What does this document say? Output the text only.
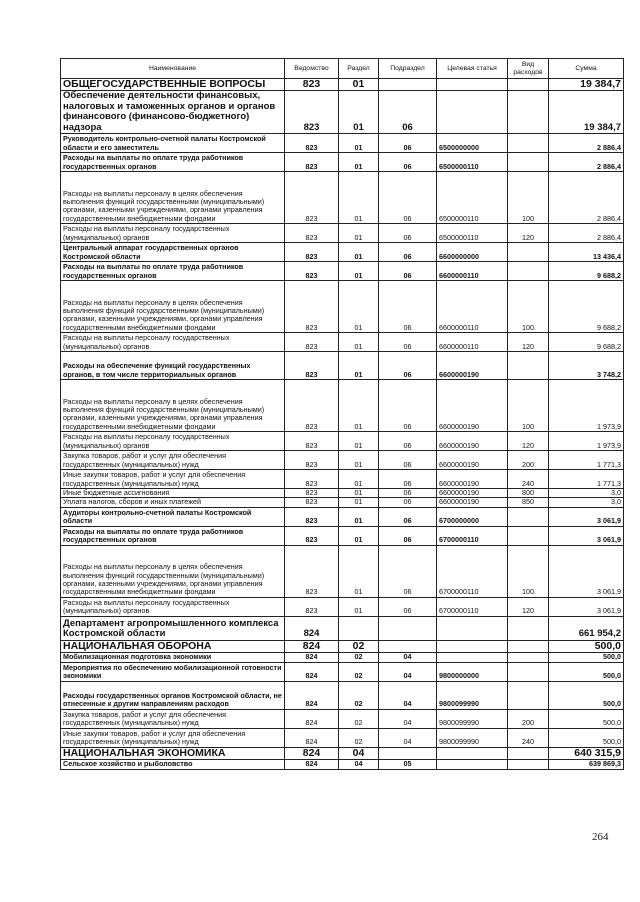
Наименование	Ведомство	Раздел	Подраздел	Целевая статья	Вид расходов	Сумма
ОБЩЕГОСУДАРСТВЕННЫЕ ВОПРОСЫ	823	01				19 384,7
Обеспечение деятельности финансовых, налоговых и таможенных органов и органов финансового (финансово-бюджетного) надзора	823	01	06			19 384,7
Руководитель контрольно-счетной палаты Костромской области и его заместитель	823	01	06	6500000000		2 886,4
Расходы на выплаты по оплате труда работников государственных органов	823	01	06	6500000110		2 886,4
Расходы на выплаты персоналу в целях обеспечения выполнения функций государственными (муниципальными) органами, казенными учреждениями, органами управления государственными внебюджетными фондами	823	01	06	6500000110	100	2 886,4
Расходы на выплаты персоналу государственных (муниципальных) органов	823	01	06	6500000110	120	2 886,4
Центральный аппарат государственных органов Костромской области	823	01	06	6600000000		13 436,4
Расходы на выплаты по оплате труда работников государственных органов	823	01	06	6600000110		9 688,2
Расходы на выплаты персоналу в целях обеспечения выполнения функций государственными (муниципальными) органами, казенными учреждениями, органами управления государственными внебюджетными фондами	823	01	06	6600000110	100	9 688,2
Расходы на выплаты персоналу государственных (муниципальных) органов	823	01	06	6600000110	120	9 688,2
Расходы на обеспечение функций государственных органов, в том числе территориальных органов	823	01	06	6600000190		3 748,2
Расходы на выплаты персоналу в целях обеспечения выполнения функций государственными (муниципальными) органами, казенными учреждениями, органами управления государственными внебюджетными фондами	823	01	06	6600000190	100	1 973,9
Расходы на выплаты персоналу государственных (муниципальных) органов	823	01	06	6600000190	120	1 973,9
Закупка товаров, работ и услуг для обеспечения государственных (муниципальных) нужд	823	01	06	6600000190	200	1 771,3
Иные закупки товаров, работ и услуг для обеспечения государственных (муниципальных) нужд	823	01	06	6600000190	240	1 771,3
Иные бюджетные ассигнования	823	01	06	6600000190	800	3,0
Уплата налогов, сборов и иных платежей	823	01	06	6600000190	850	3,0
Аудиторы контрольно-счетной палаты Костромской области	823	01	06	6700000000		3 061,9
Расходы на выплаты по оплате труда работников государственных органов	823	01	06	6700000110		3 061,9
Расходы на выплаты персоналу в целях обеспечения выполнения функций государственными (муниципальными) органами, казенными учреждениями, органами управления государственными внебюджетными фондами	823	01	06	6700000110	100	3 061,9
Расходы на выплаты персоналу государственных (муниципальных) органов	823	01	06	6700000110	120	3 061,9
Департамент агропромышленного комплекса Костромской области	824					661 954,2
НАЦИОНАЛЬНАЯ ОБОРОНА	824	02				500,0
Мобилизационная подготовка экономики	824	02	04			500,0
Мероприятия по обеспечению мобилизационной готовности экономики	824	02	04	9800000000		500,0
Расходы государственных органов Костромской области, не отнесенные к другим направлениям расходов	824	02	04	9800099990		500,0
Закупка товаров, работ и услуг для обеспечения государственных (муниципальных) нужд	824	02	04	9800099990	200	500,0
Иные закупки товаров, работ и услуг для обеспечения государственных (муниципальных) нужд	824	02	04	9800099990	240	500,0
НАЦИОНАЛЬНАЯ ЭКОНОМИКА	824	04				640 315,9
Сельское хозяйство и рыболовство	824	04	05			639 869,3
264
